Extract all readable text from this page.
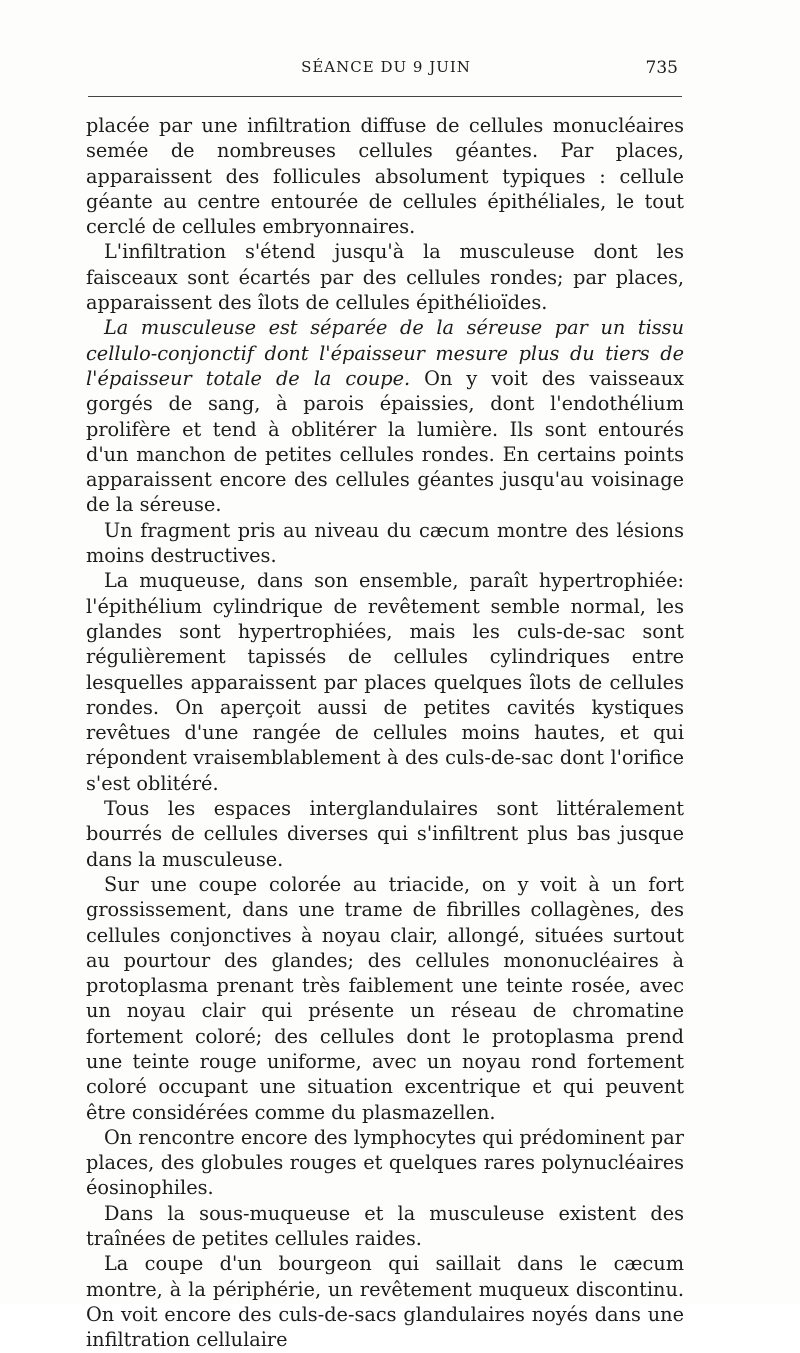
SÉANCE DU 9 JUIN	735

placée par une infiltration diffuse de cellules monucléaires semée de nombreuses cellules géantes. Par places, apparaissent des follicules absolument typiques : cellule géante au centre entourée de cellules épithéliales, le tout cerclé de cellules embryonnaires.

L'infiltration s'étend jusqu'à la musculeuse dont les faisceaux sont écartés par des cellules rondes; par places, apparaissent des îlots de cellules épithélioïdes.

La musculeuse est séparée de la séreuse par un tissu cellulo-conjonctif dont l'épaisseur mesure plus du tiers de l'épaisseur totale de la coupe. On y voit des vaisseaux gorgés de sang, à parois épaissies, dont l'endothélium prolifère et tend à oblitérer la lumière. Ils sont entourés d'un manchon de petites cellules rondes. En certains points apparaissent encore des cellules géantes jusqu'au voisinage de la séreuse.

Un fragment pris au niveau du cæcum montre des lésions moins destructives.

La muqueuse, dans son ensemble, paraît hypertrophiée: l'épithélium cylindrique de revêtement semble normal, les glandes sont hypertrophiées, mais les culs-de-sac sont régulièrement tapissés de cellules cylindriques entre lesquelles apparaissent par places quelques îlots de cellules rondes. On aperçoit aussi de petites cavités kystiques revêtues d'une rangée de cellules moins hautes, et qui répondent vraisemblablement à des culs-de-sac dont l'orifice s'est oblitéré.

Tous les espaces interglandulaires sont littéralement bourrés de cellules diverses qui s'infiltrent plus bas jusque dans la musculeuse.

Sur une coupe colorée au triacide, on y voit à un fort grossissement, dans une trame de fibrilles collagènes, des cellules conjonctives à noyau clair, allongé, situées surtout au pourtour des glandes; des cellules mononucléaires à protoplasma prenant très faiblement une teinte rosée, avec un noyau clair qui présente un réseau de chromatine fortement coloré; des cellules dont le protoplasma prend une teinte rouge uniforme, avec un noyau rond fortement coloré occupant une situation excentrique et qui peuvent être considérées comme du plasmazellen.

On rencontre encore des lymphocytes qui prédominent par places, des globules rouges et quelques rares polynucléaires éosinophiles.

Dans la sous-muqueuse et la musculeuse existent des traînées de petites cellules raides.

La coupe d'un bourgeon qui saillait dans le cæcum montre, à la périphérie, un revêtement muqueux discontinu. On voit encore des culs-de-sacs glandulaires noyés dans une infiltration cellulaire
